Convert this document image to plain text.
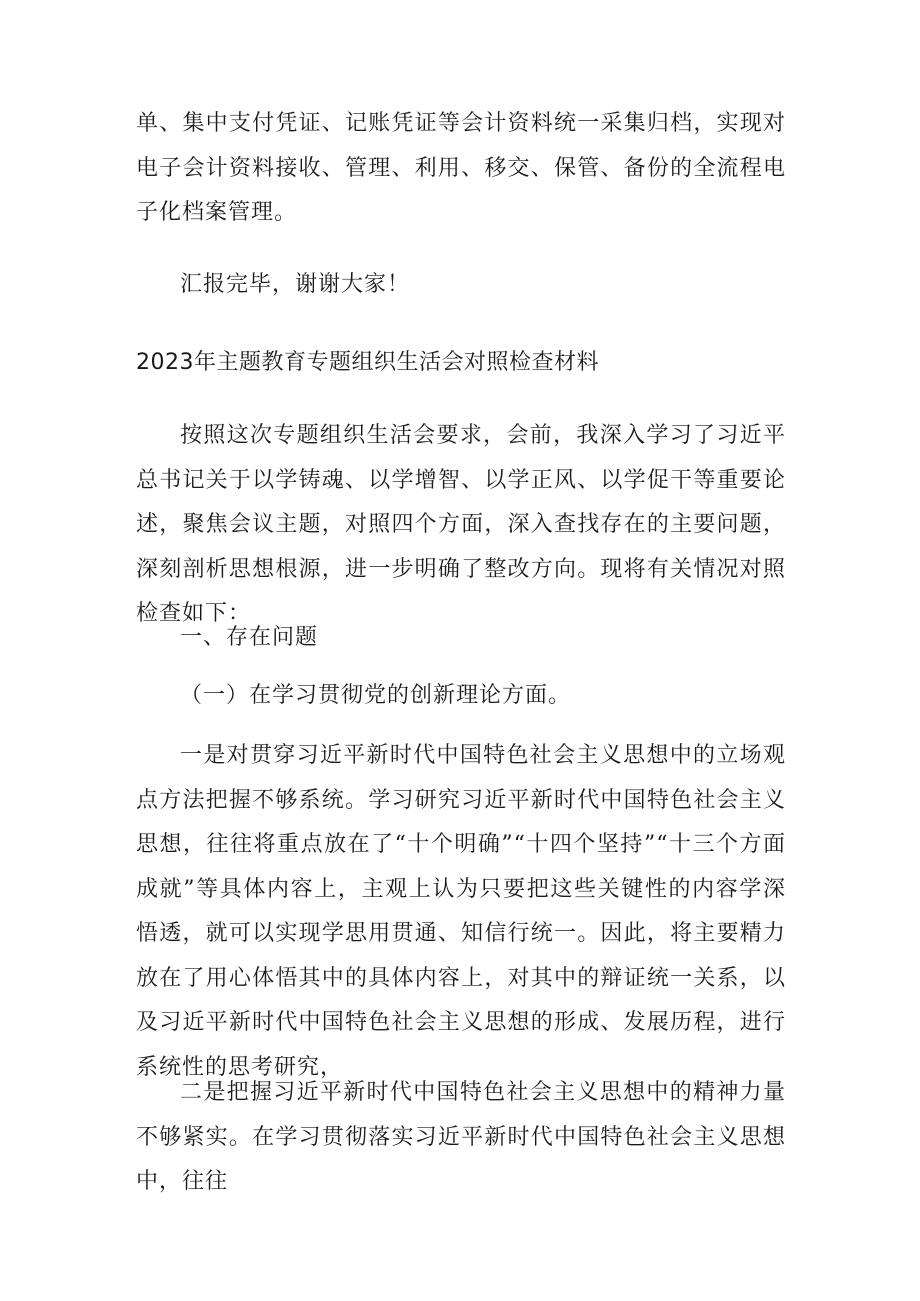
单、集中支付凭证、记账凭证等会计资料统一采集归档，实现对电子会计资料接收、管理、利用、移交、保管、备份的全流程电子化档案管理。

汇报完毕，谢谢大家！

2023年主题教育专题组织生活会对照检查材料

按照这次专题组织生活会要求，会前，我深入学习了习近平总书记关于以学铸魂、以学增智、以学正风、以学促干等重要论述，聚焦会议主题，对照四个方面，深入查找存在的主要问题，深刻剖析思想根源，进一步明确了整改方向。现将有关情况对照检查如下：

一、存在问题

（一）在学习贯彻党的创新理论方面。

一是对贯穿习近平新时代中国特色社会主义思想中的立场观点方法把握不够系统。学习研究习近平新时代中国特色社会主义思想，往往将重点放在了“十个明确”“十四个坚持”“十三个方面成就”等具体内容上，主观上认为只要把这些关键性的内容学深悟透，就可以实现学思用贯通、知信行统一。因此，将主要精力放在了用心体悟其中的具体内容上，对其中的辩证统一关系，以及习近平新时代中国特色社会主义思想的形成、发展历程，进行系统性的思考研究，

二是把握习近平新时代中国特色社会主义思想中的精神力量不够紧实。在学习贯彻落实习近平新时代中国特色社会主义思想中，往往
